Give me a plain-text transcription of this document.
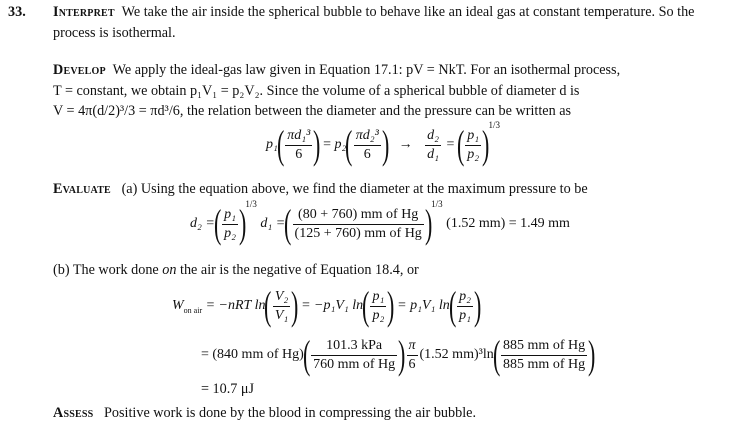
33. Interpret We take the air inside the spherical bubble to behave like an ideal gas at constant temperature. So the
process is isothermal.
Develop We apply the ideal-gas law given in Equation 17.1: pV = NkT. For an isothermal process,
T = constant, we obtain p₁V₁ = p₂V₂. Since the volume of a spherical bubble of diameter d is
V = 4π(d/2)³/3 = πd³/6, the relation between the diameter and the pressure can be written as
$p_1( \frac{\text{πd₁³}}{6}$ ) = $p_2( \frac{\text{πd₂³}}{6}$ ) → $\frac{\text{d₂}}{\text{d₁}}$ = ( $\frac{\text{p₁}}{\text{p₂}} )^{1/3}$
Evaluate (a) Using the equation above, we find the diameter at the maximum pressure to be
d₂ =( $\frac{\text{p₁}}{\text{p₂}} )^{1/3}$ d₁ =( $\frac{\text{(80 + 760) mm of Hg}}{\text{(125 + 760) mm of Hg}} )^{1/3}$ (1.52 mm) = 1.49 mm
(b) The work done on the air is the negative of Equation 18.4, or
$W_{on air} = -nRT$ $\ln( \frac{\text{V₂}}{\text{V₁}}$ ) = −p₁V₁ $\ln( \frac{\text{p₁}}{\text{p₂}}$ ) = p₁V₁ $\ln( \frac{\text{p₂}}{\text{p₁}}$ )
= (840 mm of $Hg)( \frac{\text{101.3 kPa}}{\text{760 mm of Hg}}$ ) $\frac{\pi}{6} (1.52$ $mm)^3\ln( \frac{\text{885 mm of Hg}}{\text{885 mm of Hg}}$ )
= 10.7 μJ
Assess Positive work is done by the blood in compressing the air bubble.
